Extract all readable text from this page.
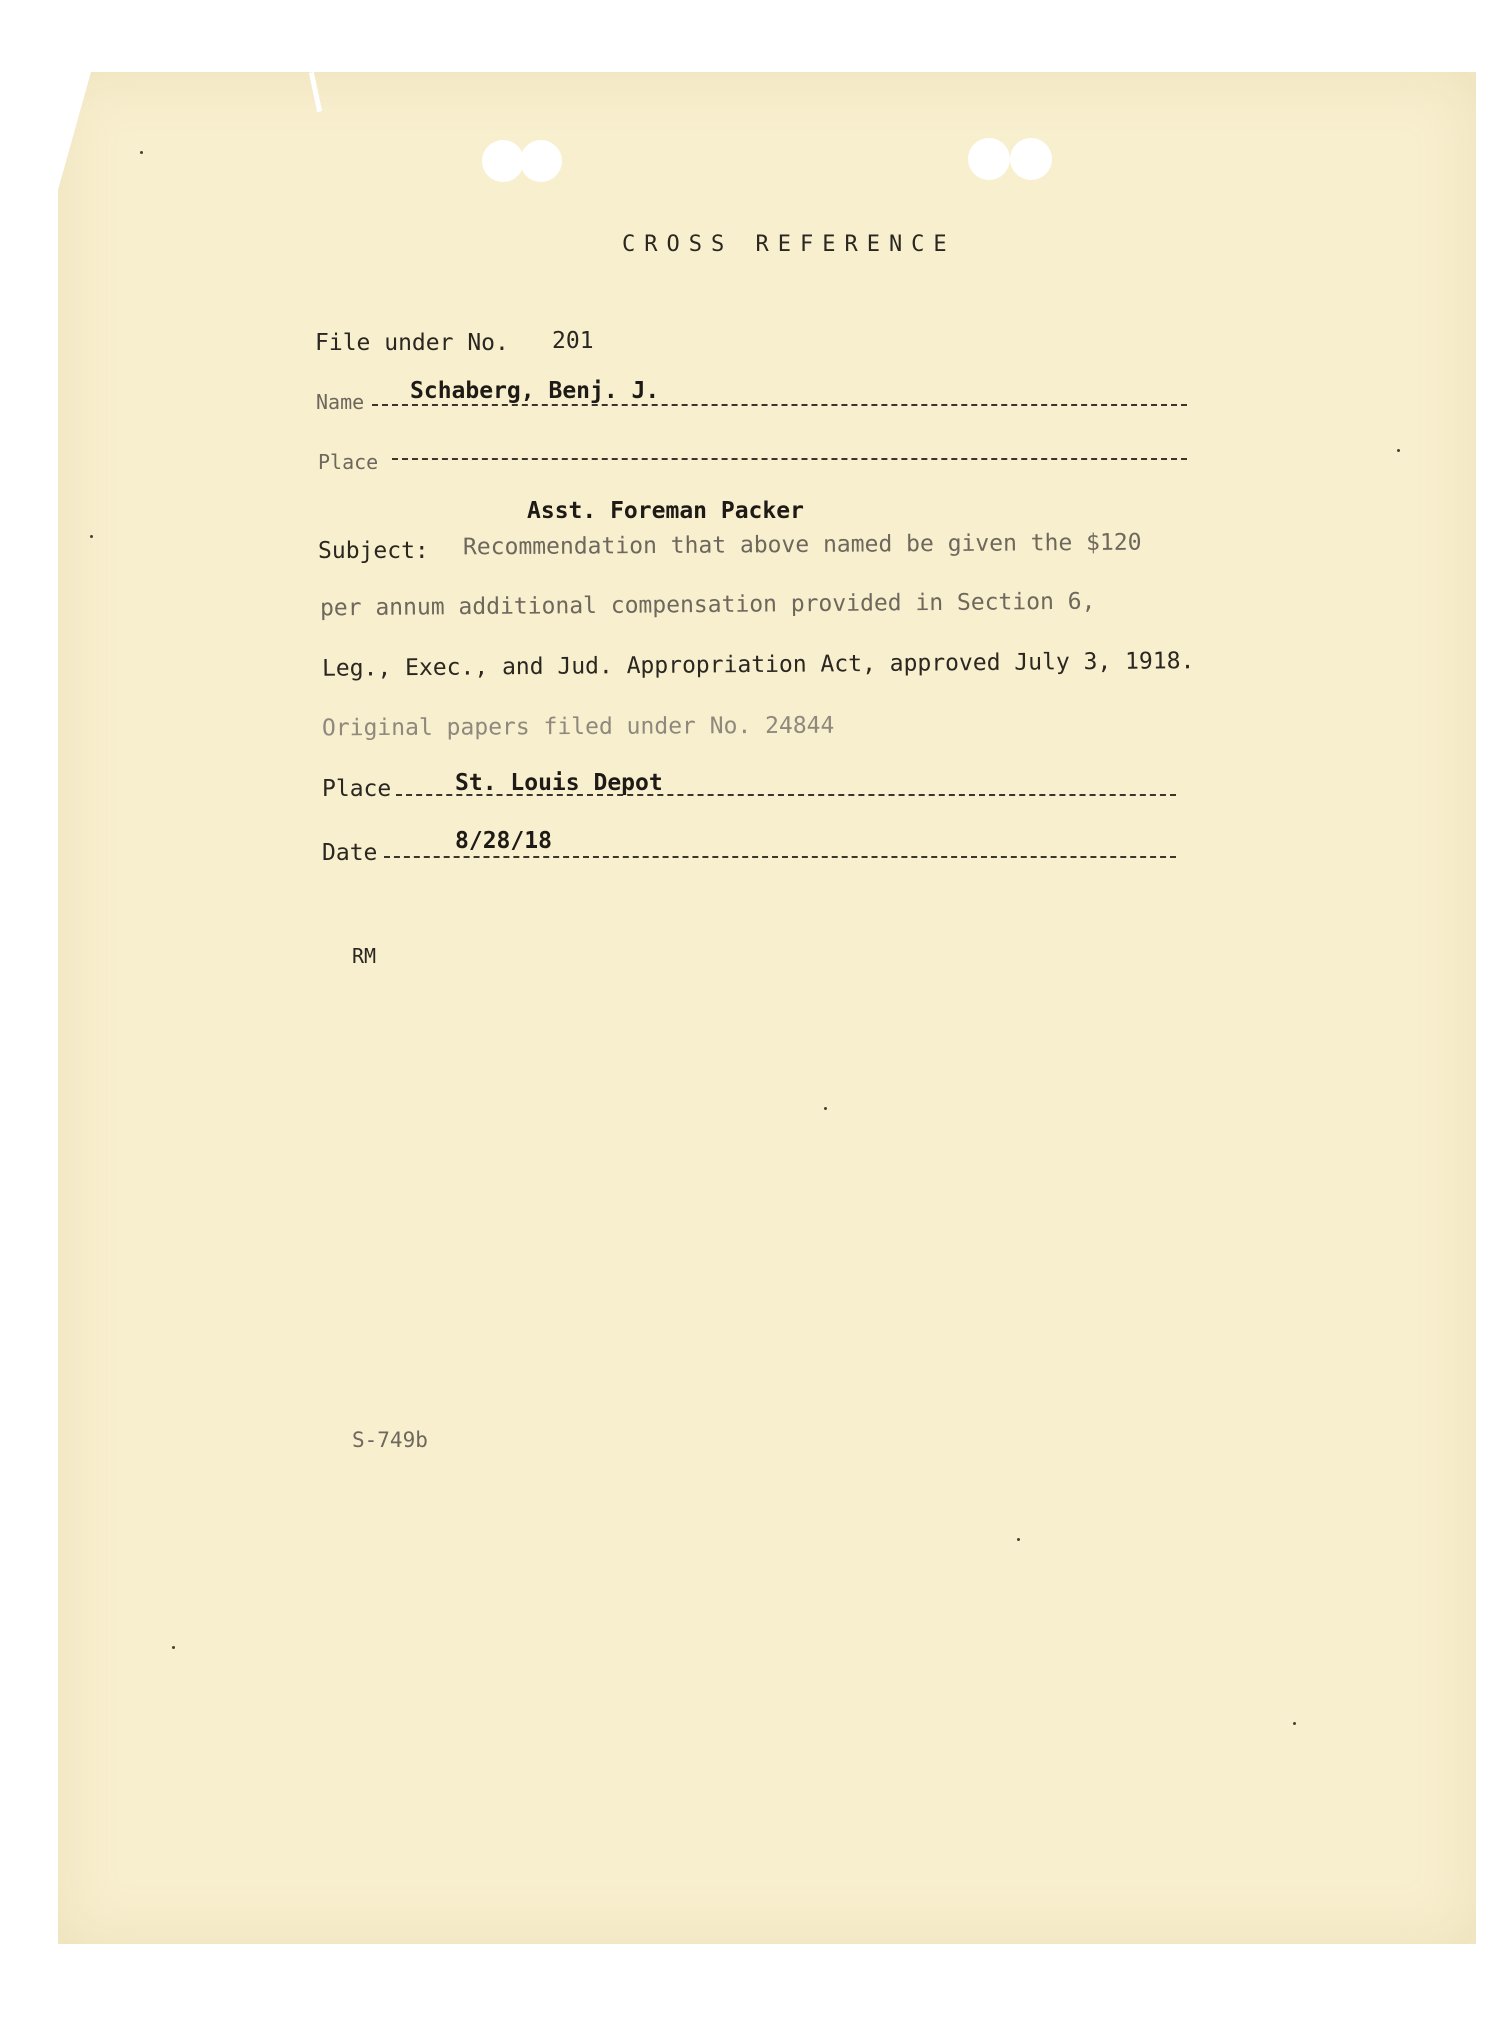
CROSS REFERENCE
File under No. 201
Name Schaberg, Benj. J.
Place
Asst. Foreman Packer
Subject: Recommendation that above named be given the $120
per annum additional compensation provided in Section 6,
Leg., Exec., and Jud. Appropriation Act, approved July 3, 1918.
Original papers filed under No. 24844
Place	St. Louis Depot
Date	8/28/18
RM
S-749b
